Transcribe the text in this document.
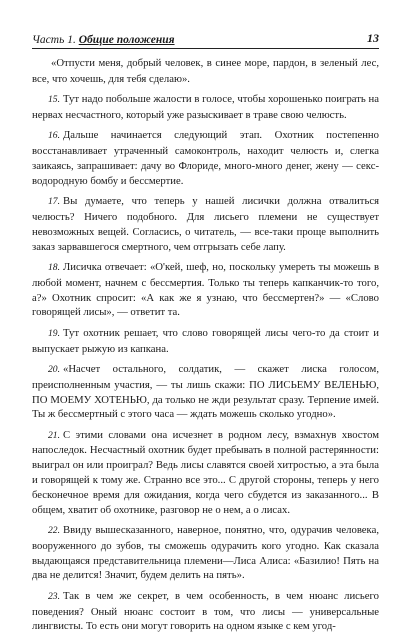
Часть 1. Общие положения	13

«Отпусти меня, добрый человек, в синее море, пардон, в зеленый лес, все, что хочешь, для тебя сделаю».

15. Тут надо побольше жалости в голосе, чтобы хорошенько поиграть на нервах несчастного, который уже разыскивает в траве свою челюсть.

16. Дальше начинается следующий этап. Охотник постепенно восстанавливает утраченный самоконтроль, находит челюсть и, слегка заикаясь, запрашивает: дачу во Флориде, много-много денег, жену — секс-водородную бомбу и бессмертие.

17. Вы думаете, что теперь у нашей лисички должна отвалиться челюсть? Ничего подобного. Для лисьего племени не существует невозможных вещей. Согласись, о читатель, — все-таки проще выполнить заказ зарвавшегося смертного, чем отгрызать себе лапу.

18. Лисичка отвечает: «О'кей, шеф, но, поскольку умереть ты можешь в любой момент, начнем с бессмертия. Только ты теперь капканчик-то того, а?» Охотник спросит: «А как же я узнаю, что бессмертен?» — «Слово говорящей лисы», — ответит та.

19. Тут охотник решает, что слово говорящей лисы чего-то да стоит и выпускает рыжую из капкана.

20. «Насчет остального, солдатик, — скажет лиска голосом, преисполненным участия, — ты лишь скажи: ПО ЛИСЬЕМУ ВЕЛЕНЬЮ, ПО МОЕМУ ХОТЕНЬЮ, да только не жди результат сразу. Терпение имей. Ты ж бессмертный с этого часа — ждать можешь сколько угодно».

21. С этими словами она исчезнет в родном лесу, взмахнув хвостом напоследок. Несчастный охотник будет пребывать в полной растерянности: выиграл он или проиграл? Ведь лисы славятся своей хитростью, а эта была и говорящей к тому же. Странно все это... С другой стороны, теперь у него бесконечное время для ожидания, когда чего сбудется из заказанного... В общем, хватит об охотнике, разговор не о нем, а о лисах.

22. Ввиду вышесказанного, наверное, понятно, что, одурачив человека, вооруженного до зубов, ты сможешь одурачить кого угодно. Как сказала выдающаяся представительница племени—Лиса Алиса: «Базилио! Пять на два не делится! Значит, будем делить на пять».

23. Так в чем же секрет, в чем особенность, в чем нюанс лисьего поведения? Оный нюанс состоит в том, что лисы — универсальные лингвисты. То есть они могут говорить на одном языке с кем угод-
